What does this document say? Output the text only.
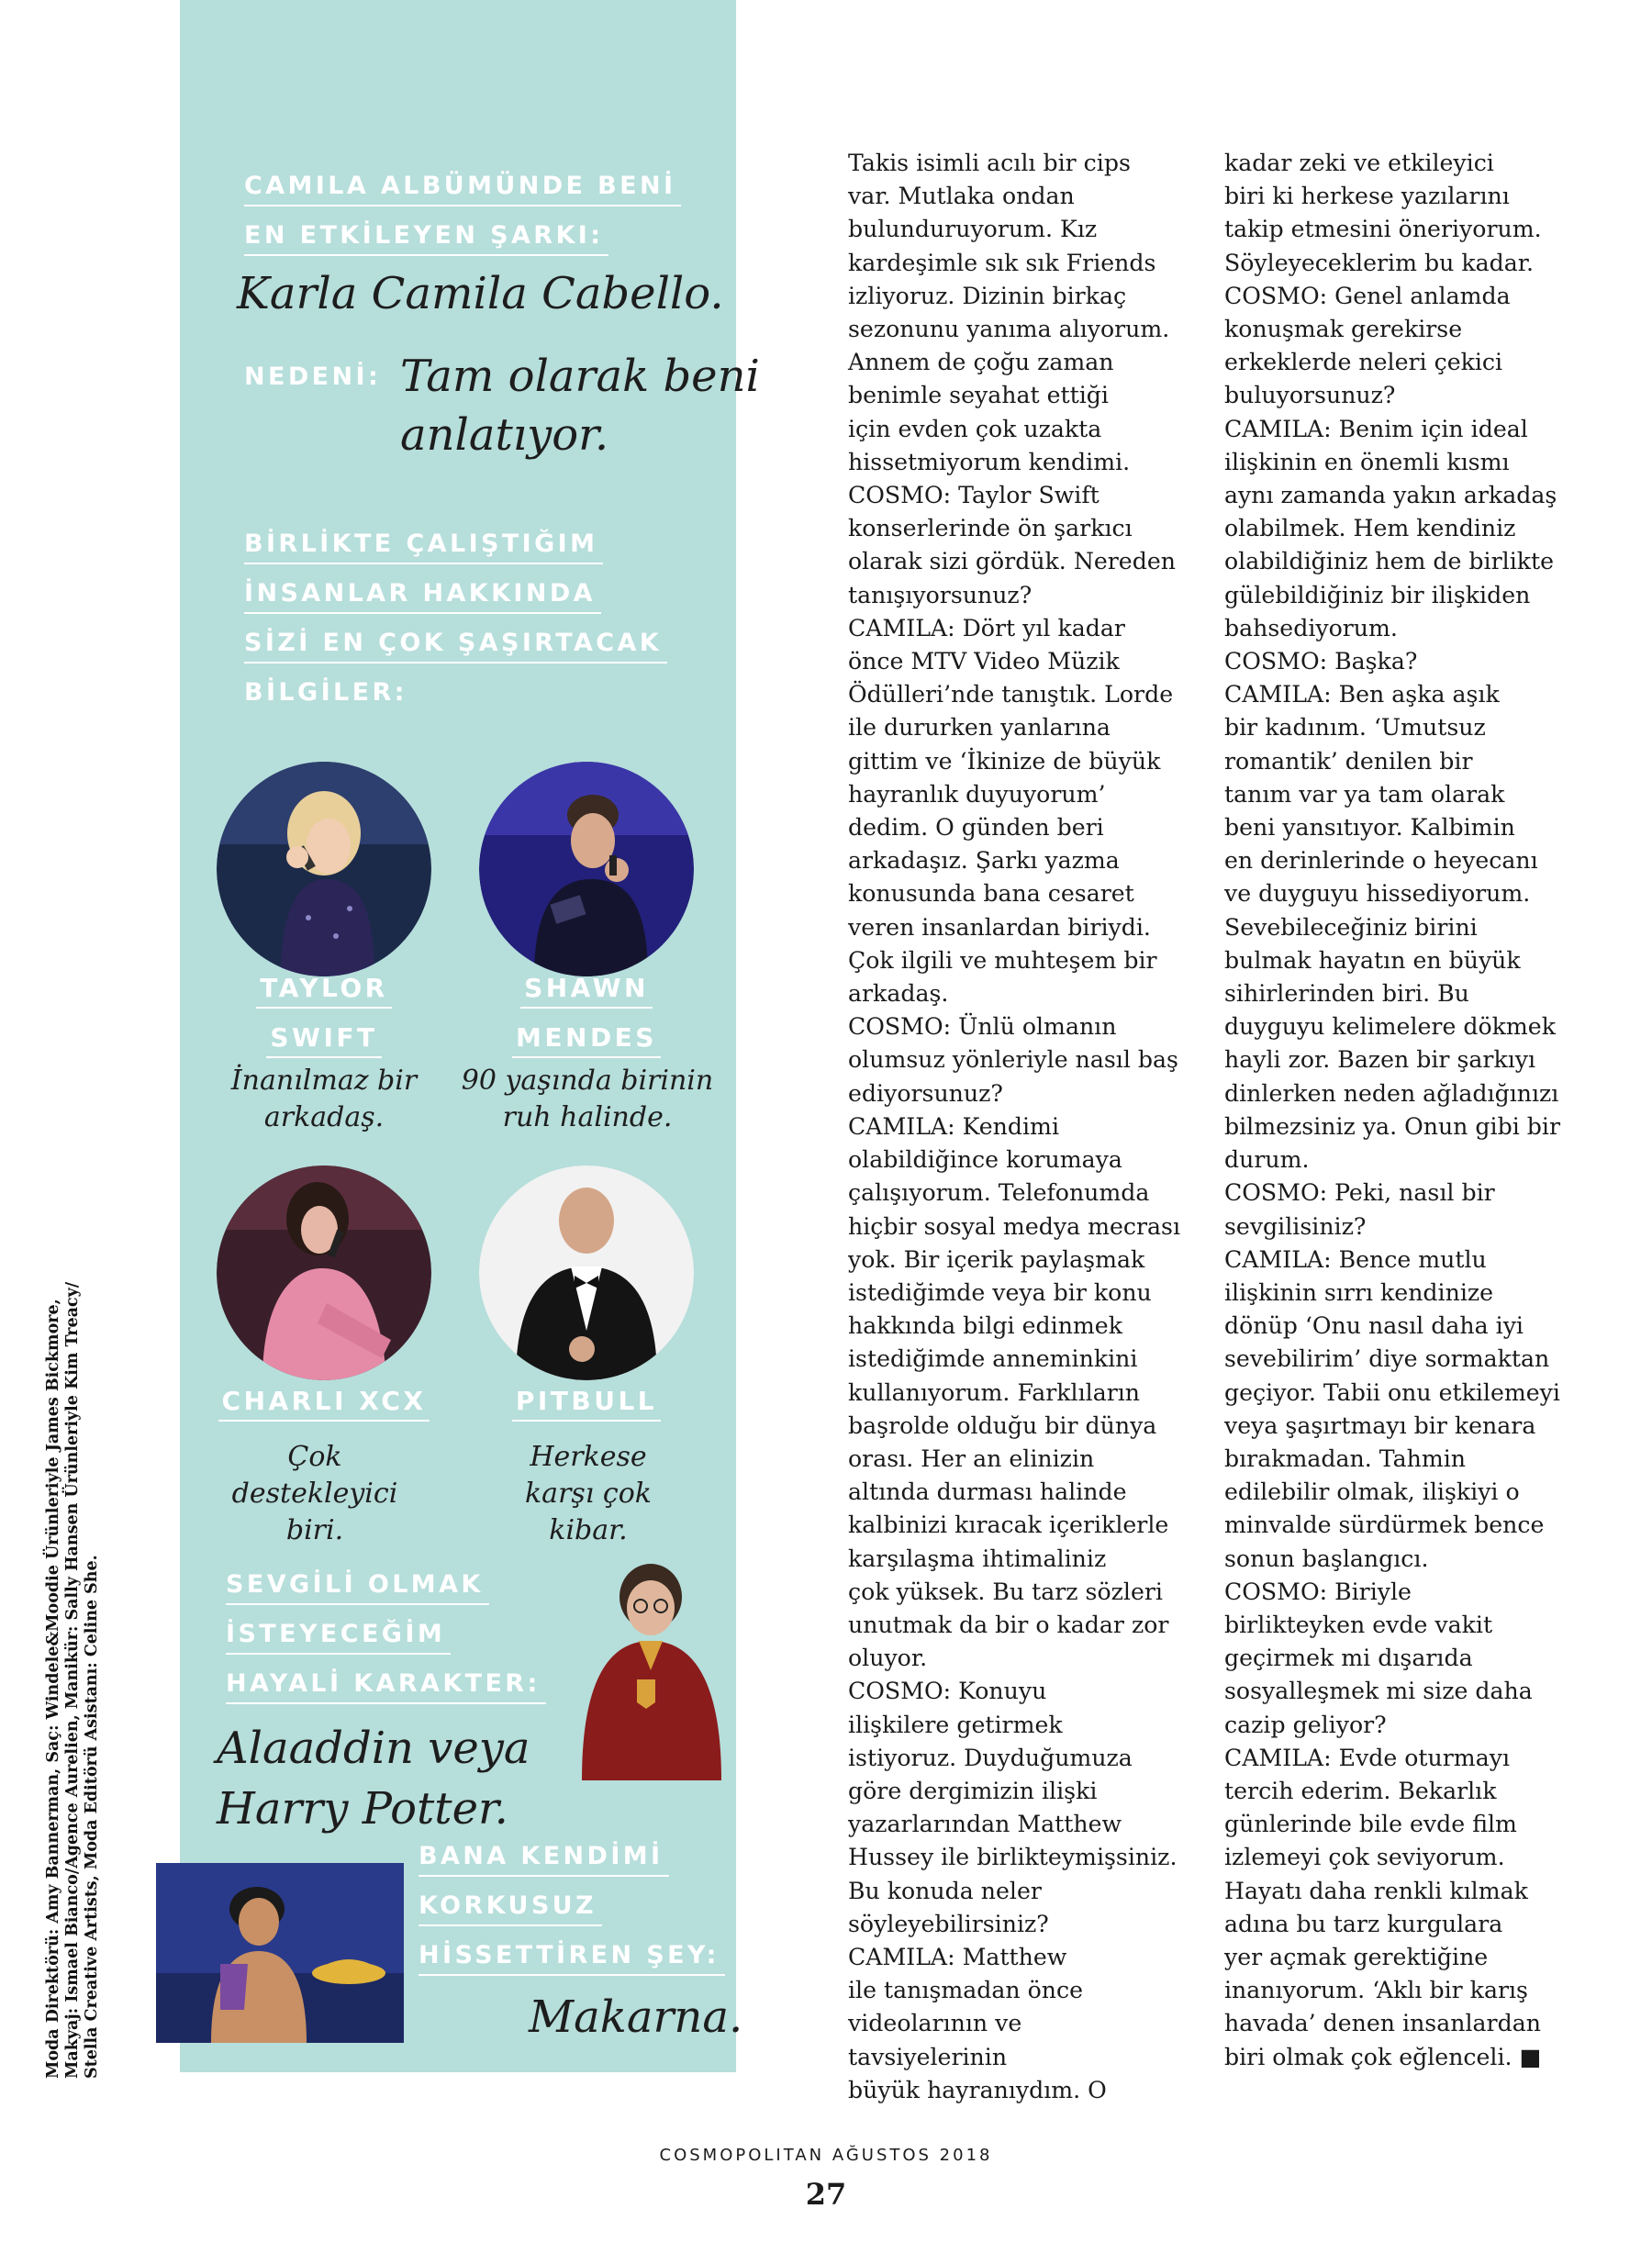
CAMILA ALBÜMÜNDE BENİ
EN ETKİLEYEN ŞARKI:
Karla Camila Cabello.
NEDENİ: Tam olarak beni
anlatıyor.
BİRLİKTE ÇALIŞTIĞIM
İNSANLAR HAKKINDA
SİZİ EN ÇOK ŞAŞIRTACAK
BİLGİLER:
TAYLOR
SWIFT
SHAWN
MENDES
İnanılmaz bir
arkadaş.
90 yaşında birinin
ruh halinde.
CHARLI XCX	PITBULL
Çok
destekleyici
biri.
Herkese
karşı çok
kibar.
SEVGİLİ OLMAK
İSTEYECEĞİM
HAYALİ KARAKTER:
Alaaddin veya
Harry Potter.
BANA KENDİMİ
KORKUSUZ
HİSSETTİREN ŞEY:
Makarna.
Takis isimli acılı bir cips
var. Mutlaka ondan
bulunduruyorum. Kız
kardeşimle sık sık Friends
izliyoruz. Dizinin birkaç
sezonunu yanıma alıyorum.
Annem de çoğu zaman
benimle seyahat ettiği
için evden çok uzakta
hissetmiyorum kendimi.
COSMO: Taylor Swift
konserlerinde ön şarkıcı
olarak sizi gördük. Nereden
tanışıyorsunuz?
CAMILA: Dört yıl kadar
önce MTV Video Müzik
Ödülleri’nde tanıştık. Lorde
ile dururken yanlarına
gittim ve ‘İkinize de büyük
hayranlık duyuyorum’
dedim. O günden beri
arkadaşız. Şarkı yazma
konusunda bana cesaret
veren insanlardan biriydi.
Çok ilgili ve muhteşem bir
arkadaş.
COSMO: Ünlü olmanın
olumsuz yönleriyle nasıl baş
ediyorsunuz?
CAMILA: Kendimi
olabildiğince korumaya
çalışıyorum. Telefonumda
hiçbir sosyal medya mecrası
yok. Bir içerik paylaşmak
istediğimde veya bir konu
hakkında bilgi edinmek
istediğimde anneminkini
kullanıyorum. Farklıların
başrolde olduğu bir dünya
orası. Her an elinizin
altında durması halinde
kalbinizi kıracak içeriklerle
karşılaşma ihtimaliniz
çok yüksek. Bu tarz sözleri
unutmak da bir o kadar zor
oluyor.
COSMO: Konuyu
ilişkilere getirmek
istiyoruz. Duyduğumuza
göre dergimizin ilişki
yazarlarından Matthew
Hussey ile birlikteymişsiniz.
Bu konuda neler
söyleyebilirsiniz?
CAMILA: Matthew
ile tanışmadan önce
videolarının ve tavsiyelerinin
büyük hayranıydım. O
kadar zeki ve etkileyici
biri ki herkese yazılarını
takip etmesini öneriyorum.
Söyleyeceklerim bu kadar.
COSMO: Genel anlamda
konuşmak gerekirse
erkeklerde neleri çekici
buluyorsunuz?
CAMILA: Benim için ideal
ilişkinin en önemli kısmı
aynı zamanda yakın arkadaş
olabilmek. Hem kendiniz
olabildiğiniz hem de birlikte
gülebildiğiniz bir ilişkiden
bahsediyorum.
COSMO: Başka?
CAMILA: Ben aşka aşık
bir kadınım. ‘Umutsuz
romantik’ denilen bir
tanım var ya tam olarak
beni yansıtıyor. Kalbimin
en derinlerinde o heyecanı
ve duyguyu hissediyorum.
Sevebileceğiniz birini
bulmak hayatın en büyük
sihirlerinden biri. Bu
duyguyu kelimelere dökmek
hayli zor. Bazen bir şarkıyı
dinlerken neden ağladığınızı
bilmezsiniz ya. Onun gibi bir
durum.
COSMO: Peki, nasıl bir
sevgilisiniz?
CAMILA: Bence mutlu
ilişkinin sırrı kendinize
dönüp ‘Onu nasıl daha iyi
sevebilirim’ diye sormaktan
geçiyor. Tabii onu etkilemeyi
veya şaşırtmayı bir kenara
bırakmadan. Tahmin
edilebilir olmak, ilişkiyi o
minvalde sürdürmek bence
sonun başlangıcı.
COSMO: Biriyle
birlikteyken evde vakit
geçirmek mi dışarıda
sosyalleşmek mi size daha
cazip geliyor?
CAMILA: Evde oturmayı
tercih ederim. Bekarlık
günlerinde bile evde film
izlemeyi çok seviyorum.
Hayatı daha renkli kılmak
adına bu tarz kurgulara
yer açmak gerektiğine
inanıyorum. ‘Aklı bir karış
havada’ denen insanlardan
biri olmak çok eğlenceli. ■
Moda Direktörü: Amy Bannerman, Saç: Windele&Moodie Ürünleriyle James Bickmore, Makyaj: Ismael Bianco/Agence Aurelien, Manikür: Sally Hansen Ürünleriyle Kim Treacy/ Stella Creative Artists, Moda Editörü Asistanı: Celine She.
COSMOPOLITAN AĞUSTOS 2018
27
